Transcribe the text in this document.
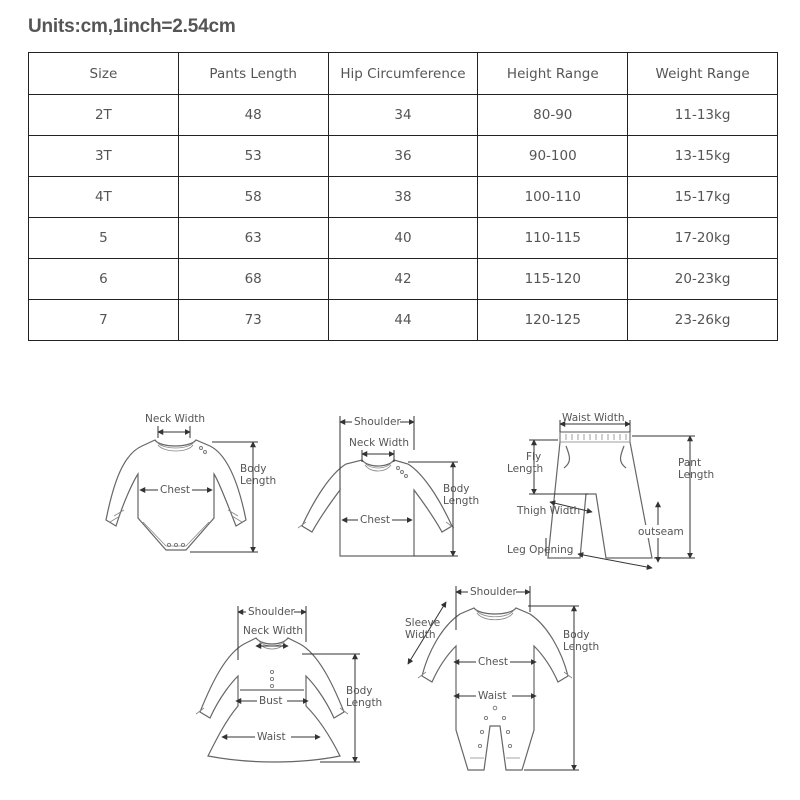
Units:cm,1inch=2.54cm
Size	Pants Length	Hip Circumference	Height Range	Weight Range
2T	48	34	80-90	11-13kg
3T	53	36	90-100	13-15kg
4T	58	38	100-110	15-17kg
5	63	40	110-115	17-20kg
6	68	42	115-120	20-23kg
7	73	44	120-125	23-26kg
Neck Width
Chest
Body
Length
Shoulder
Neck Width
Chest
Body
Length
Waist Width
Fly
Length	Pant
Length
Thigh Width
outseam
Leg Opening
Shoulder
Neck Width
Bust
Waist
Body
Length
Shoulder
Sleeve
Width
Chest
Waist
Body
Length
